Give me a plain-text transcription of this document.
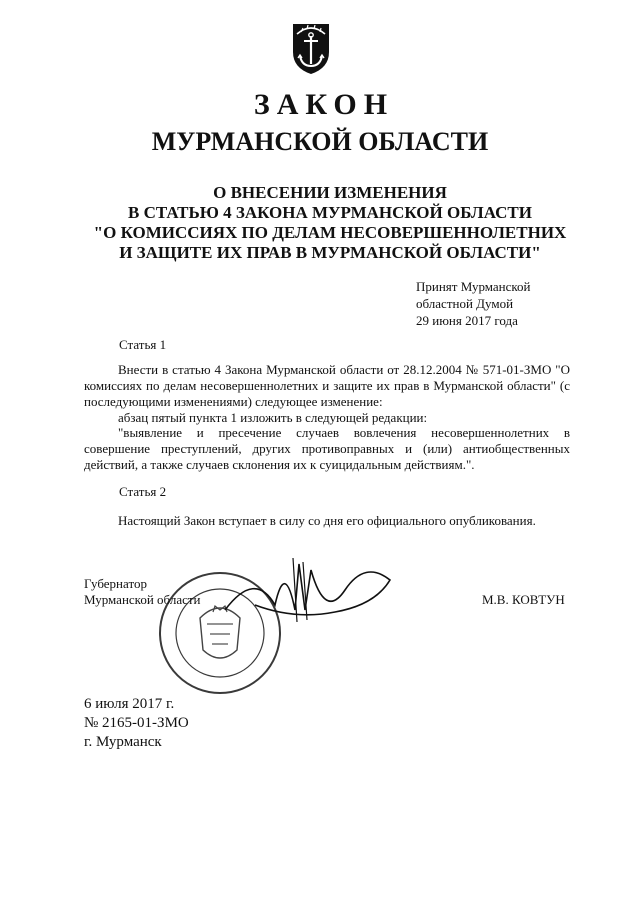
ЗАКОН
МУРМАНСКОЙ ОБЛАСТИ
О ВНЕСЕНИИ ИЗМЕНЕНИЯ
В СТАТЬЮ 4 ЗАКОНА МУРМАНСКОЙ ОБЛАСТИ
"О КОМИССИЯХ ПО ДЕЛАМ НЕСОВЕРШЕННОЛЕТНИХ
И ЗАЩИТЕ ИХ ПРАВ В МУРМАНСКОЙ ОБЛАСТИ"
Принят Мурманской
областной Думой
29 июня 2017 года
Статья 1
Внести в статью 4 Закона Мурманской области от 28.12.2004 № 571-01-ЗМО "О комиссиях по делам несовершеннолетних и защите их прав в Мурманской области" (с последующими изменениями) следующее изменение:
абзац пятый пункта 1 изложить в следующей редакции:
"выявление и пресечение случаев вовлечения несовершеннолетних в совершение преступлений, других противоправных и (или) антиобщественных действий, а также случаев склонения их к суицидальным действиям.".
Статья 2
Настоящий Закон вступает в силу со дня его официального опубликования.
Губернатор
Мурманской области	М.В. КОВТУН
6 июля 2017 г.
№ 2165-01-ЗМО
г. Мурманск
